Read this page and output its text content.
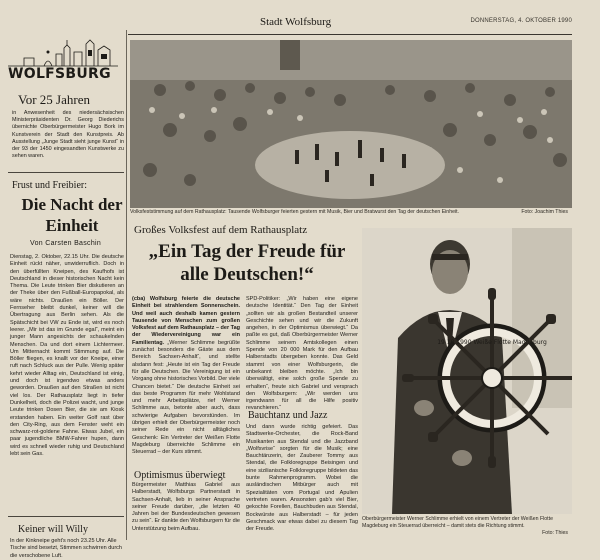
Stadt Wolfsburg	DONNERSTAG, 4. OKTOBER 1990
WOLFSBURG
Vor 25 Jahren
in Anwesenheit des niedersächsischen Ministerpräsidenten Dr. Georg Diederichs übernichte Oberbürgermeister Hugo Bork im Kunstverein der Stadt den Kunstpreis. Ab Ausstellung „Junge Stadt sieht junge Kunst“ in der 93 der 1450 eingesandten Kunstwerke zu sehen waren.
Frust und Freibier:
Die Nacht der Einheit
Von Carsten Baschin
Dienstag, 2. Oktober, 22.15 Uhr. Die deutsche Einheit rückt näher, unwiderruflich. Doch in den überfüllten Kneipen, des Kaufhofs ist Deutschland in dieser historischen Nacht kein Thema. Die Leute trinken Bier diskutieren an der Theke über den Fußball-Europapokal, als wäre nichts. Draußen ein Böller. Der Fernseher bleibt dunkel, keiner will die Übertragung aus Berlin sehen. Als die Spätschicht bei VW zu Ende ist, wird es noch leerer. „Mir ist das im Grunde egal“, meint ein junger Mann angesichts der schaukelnden Menschen. Da und dort einem Lichtermeer. Um Mitternacht kommt Stimmung auf. Die Böller fliegen, es knallt vor der Kneipe, einer ruft nach Schluck aus der Pulle. Wenig später kehrt wieder Alltag ein, Deutschland ist einig, und doch ist irgendwo etwas anders geworden. Draußen auf den Straßen ist nicht viel los. Der Rathausplatz liegt in tiefer Dunkelheit, doch die Polizei wacht, und junge Leute trinken Dosen Bier, die sie am Kiosk erstanden haben. Ein weiter Golf rast über den City-Ring, aus dem Fenster weht ein schwarz-rot-goldene Fahne. Etwas Jubel, ein paar jugendliche BMW-Fahrer hupen, dann wird es schnell wieder ruhig und Deutschland lebt sein Gas.
Keiner will Willy
In der Kinkneipe geht's noch 23.25 Uhr. Alle Tische sind besetzt, Stimmen schwirren durch die verschobene Luft.
Volksfeststimmung auf dem Rathausplatz: Tausende Wolfsburger feierten gestern mit Musik, Bier und Bratwurst den Tag der deutschen Einheit.	Foto: Joachim Thies
Großes Volksfest auf dem Rathausplatz
„Ein Tag der Freude für alle Deutschen!“
(cba) Wolfsburg feierte die deutsche Einheit bei strahlendem Sonnenschein. Und weil auch deshalb kamen gestern Tausende von Menschen zum großen Volksfest auf dem Rathausplatz – der Tag der Wiedervereinigung war ein Familientag. „Werner Schlimme begrüßte zunächst besonders die Gäste aus dem Bereich Sachsen-Anhalt“, und stellte alsdann fest: „Heute ist ein Tag der Freude für alle Deutschen. Die Vereinigung ist ein Vorgang ohne historisches Vorbild. Der viele Chancen bietet.“ Die deutsche Einheit sei das beste Programm für mehr Wohlstand und mehr Arbeitsplätze, rief Werner Schlimme aus, betonte aber auch, dass schwierige Aufgaben bevorstünden. Im übrigen erhielt der Oberbürgermeister noch seiner Rede ein nicht alltägliches Geschenk: Ein Vertreter der Weißen Flotte Magdeburg überreichte Schlimme ein Steuerrad – der Kurs stimmt.
SPD-Politiker: „Wir haben eine eigene deutsche Identität.“ Den Tag der Einheit „sollten wir als großen Bestandteil unserer Geschichte sehen und wir die Zukunft angehen, in der Optimismus überwiegt.“ Da paßte es gut, daß Oberbürgermeister Werner Schlimme seinem Amtskollegen einen Spende von 20 000 Mark für den Aufbau Halberstadts übergeben konnte. Das Geld stammt von einer Wolfsburgerin, die unbekannt bleiben möchte. „Ich bin überwältigt, eine solch große Spende zu erhalten“, freute sich Gabriel und versprach den Wolfsburgern: „Wir werden uns irgendwann für all die Hilfe positiv revanchieren.“
Bauchtanz und Jazz
Und dann wurde richtig gefeiert. Das Stadtwerke-Orchester, die Rock-Band Musikanten aus Stendal und die Jazzband „Wolfsvrise“ sorgten für die Musik; eine Bauchtänzerin, der Zauberer Tommy aus Stendal, die Folkloregruppe Beisingen und eine sizilianische Folkloregruppe bildeten das bunte Rahmenprogramm. Wobei die ausländischen Mitbürger auch mit Spezialitäten vom Portugal und Apulien vertreten waren. Ansonsten gab's viel Bier, gekochte Forellen, Bauchbuden aus Stendal, Bockwürste aus Halberstadt – für jeden Geschmack war etwas dabei zu diesem Tag der Freude.
Optimismus überwiegt
Bürgermeister Matthias Gabriel aus Halberstadt, Wolfsburgs Partnerstadt in Sachsen-Anhalt, lieb in seiner Ansprache seiner Freude darüber, „die letzten 40 Jahren bei der Bundesdeutschen gewesen zu sein“. Er dankte den Wolfsburgern für die Unterstützung beim Aufbau.
19 10 1990 Weiße Flotte Magdeburg
Oberbürgermeister Werner Schlimme erhielt von einem Vertreter der Weißen Flotte Magdeburg ein Steuerrad überreicht – damit stets die Richtung stimmt.
Foto: Thies
